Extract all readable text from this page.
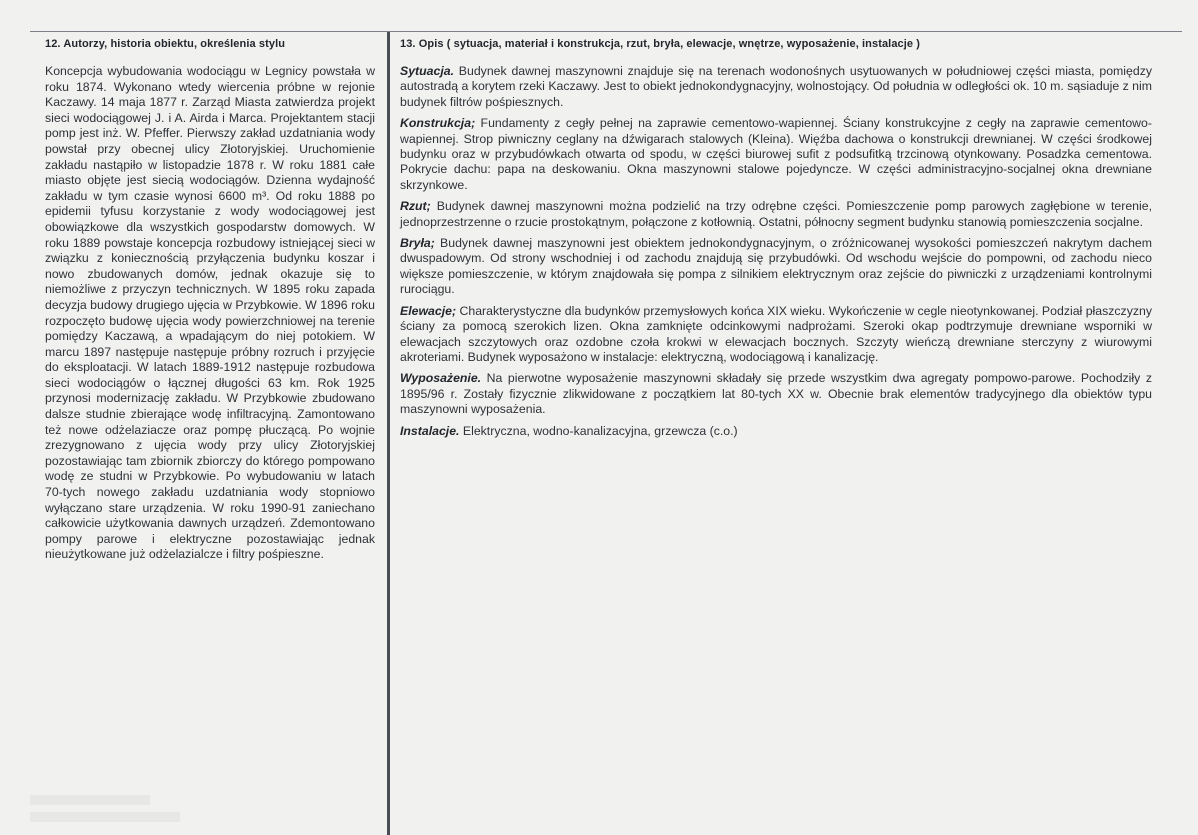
12. Autorzy, historia obiektu, określenia stylu

Koncepcja wybudowania wodociągu w Legnicy powstała w roku 1874. Wykonano wtedy wiercenia próbne w rejonie Kaczawy. 14 maja 1877 r. Zarząd Miasta zatwierdza projekt sieci wodociągowej J. i A. Airda i Marca. Projektantem stacji pomp jest inż. W. Pfeffer. Pierwszy zakład uzdatniania wody powstał przy obecnej ulicy Złotoryjskiej. Uruchomienie zakładu nastąpiło w listopadzie 1878 r. W roku 1881 całe miasto objęte jest siecią wodociągów. Dzienna wydajność zakładu w tym czasie wynosi 6600 m³. Od roku 1888 po epidemii tyfusu korzystanie z wody wodociągowej jest obowiązkowe dla wszystkich gospodarstw domowych. W roku 1889 powstaje koncepcja rozbudowy istniejącej sieci w związku z koniecznością przyłączenia budynku koszar i nowo zbudowanych domów, jednak okazuje się to niemożliwe z przyczyn technicznych. W 1895 roku zapada decyzja budowy drugiego ujęcia w Przybkowie. W 1896 roku rozpoczęto budowę ujęcia wody powierzchniowej na terenie pomiędzy Kaczawą, a wpadającym do niej potokiem. W marcu 1897 następuje następuje próbny rozruch i przyjęcie do eksploatacji. W latach 1889-1912 następuje rozbudowa sieci wodociągów o łącznej długości 63 km. Rok 1925 przynosi modernizację zakładu. W Przybkowie zbudowano dalsze studnie zbierające wodę infiltracyjną. Zamontowano też nowe odżelaziacze oraz pompę płuczącą. Po wojnie zrezygnowano z ujęcia wody przy ulicy Złotoryjskiej pozostawiając tam zbiornik zbiorczy do którego pompowano wodę ze studni w Przybkowie. Po wybudowaniu w latach 70-tych nowego zakładu uzdatniania wody stopniowo wyłączano stare urządzenia. W roku 1990-91 zaniechano całkowicie użytkowania dawnych urządzeń. Zdemontowano pompy parowe i elektryczne pozostawiając jednak nieużytkowane już odżelazialcze i filtry pośpieszne.

13. Opis ( sytuacja, materiał i konstrukcja, rzut, bryła, elewacje, wnętrze, wyposażenie, instalacje )

Sytuacja. Budynek dawnej maszynowni znajduje się na terenach wodonośnych usytuowanych w południowej części miasta, pomiędzy autostradą a korytem rzeki Kaczawy. Jest to obiekt jednokondygnacyjny, wolnostojący. Od południa w odległości ok. 10 m. sąsiaduje z nim budynek filtrów pośpiesznych.

Konstrukcja; Fundamenty z cegły pełnej na zaprawie cementowo-wapiennej. Ściany konstrukcyjne z cegły na zaprawie cementowo-wapiennej. Strop piwniczny ceglany na dźwigarach stalowych (Kleina). Więźba dachowa o konstrukcji drewnianej. W części środkowej budynku oraz w przybudówkach otwarta od spodu, w części biurowej sufit z podsufitką trzcinową otynkowany. Posadzka cementowa. Pokrycie dachu: papa na deskowaniu. Okna maszynowni stalowe pojedyncze. W części administracyjno-socjalnej okna drewniane skrzynkowe.

Rzut; Budynek dawnej maszynowni można podzielić na trzy odrębne części. Pomieszczenie pomp parowych zagłębione w terenie, jednoprzestrzenne o rzucie prostokątnym, połączone z kotłownią. Ostatni, północny segment budynku stanowią pomieszczenia socjalne.

Bryła; Budynek dawnej maszynowni jest obiektem jednokondygnacyjnym, o zróżnicowanej wysokości pomieszczeń nakrytym dachem dwuspadowym. Od strony wschodniej i od zachodu znajdują się przybudówki. Od wschodu wejście do pompowni, od zachodu nieco większe pomieszczenie, w którym znajdowała się pompa z silnikiem elektrycznym oraz zejście do piwniczki z urządzeniami kontrolnymi rurociągu.

Elewacje; Charakterystyczne dla budynków przemysłowych końca XIX wieku. Wykończenie w cegle nieotynkowanej. Podział płaszczyzny ściany za pomocą szerokich lizen. Okna zamknięte odcinkowymi nadprożami. Szeroki okap podtrzymuje drewniane wsporniki w elewacjach szczytowych oraz ozdobne czoła krokwi w elewacjach bocznych. Szczyty wieńczą drewniane sterczyny z wiurowymi akroteriami. Budynek wyposażono w instalacje: elektryczną, wodociągową i kanalizację.

Wyposażenie. Na pierwotne wyposażenie maszynowni składały się przede wszystkim dwa agregaty pompowo-parowe. Pochodziły z 1895/96 r. Zostały fizycznie zlikwidowane z początkiem lat 80-tych XX w. Obecnie brak elementów tradycyjnego dla obiektów typu maszynowni wyposażenia.

Instalacje. Elektryczna, wodno-kanalizacyjna, grzewcza (c.o.)
